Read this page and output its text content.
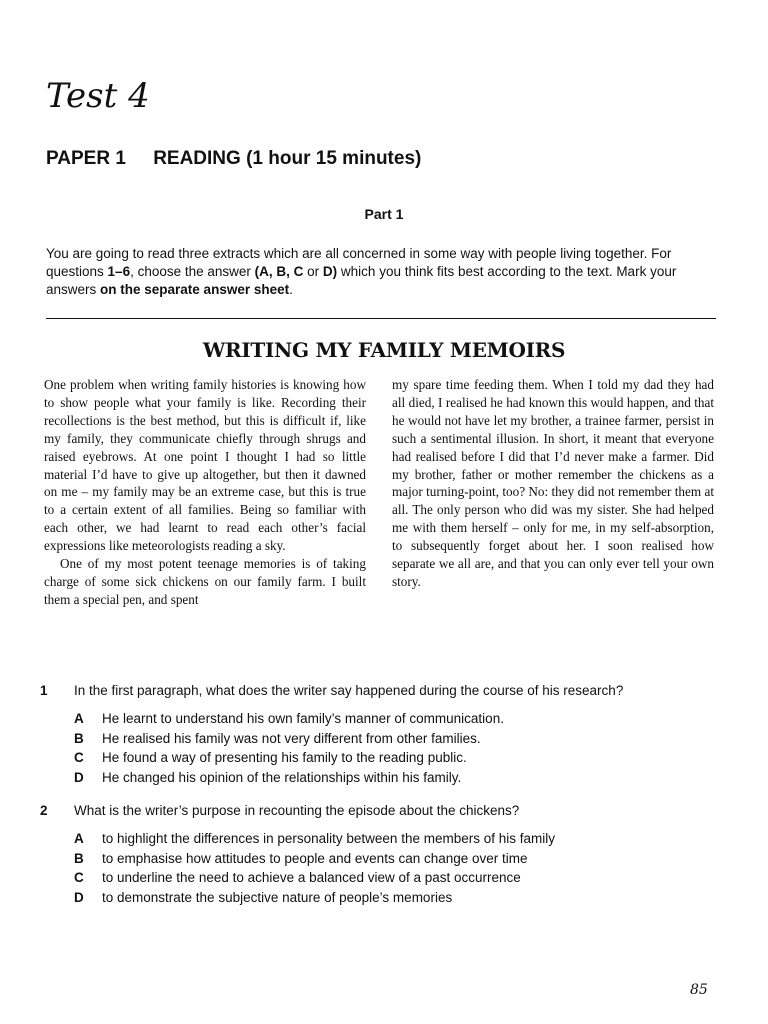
Test 4
PAPER 1 READING (1 hour 15 minutes)
Part 1

You are going to read three extracts which are all concerned in some way with people living together. For questions 1–6, choose the answer (A, B, C or D) which you think fits best according to the text. Mark your answers on the separate answer sheet.

WRITING MY FAMILY MEMOIRS

One problem when writing family histories is knowing how to show people what your family is like. Recording their recollections is the best method, but this is difficult if, like my family, they communicate chiefly through shrugs and raised eyebrows. At one point I thought I had so little material I’d have to give up altogether, but then it dawned on me – my family may be an extreme case, but this is true to a certain extent of all families. Being so familiar with each other, we had learnt to read each other’s facial expressions like meteorologists reading a sky.

One of my most potent teenage memories is of taking charge of some sick chickens on our family farm. I built them a special pen, and spent

my spare time feeding them. When I told my dad they had all died, I realised he had known this would happen, and that he would not have let my brother, a trainee farmer, persist in such a sentimental illusion. In short, it meant that everyone had realised before I did that I’d never make a farmer. Did my brother, father or mother remember the chickens as a major turning-point, too? No: they did not remember them at all. The only person who did was my sister. She had helped me with them herself – only for me, in my self-absorption, to subsequently forget about her. I soon realised how separate we all are, and that you can only ever tell your own story.

1	In the first paragraph, what does the writer say happened during the course of his research?
A	He learnt to understand his own family’s manner of communication.
B	He realised his family was not very different from other families.
C	He found a way of presenting his family to the reading public.
D	He changed his opinion of the relationships within his family.
2	What is the writer’s purpose in recounting the episode about the chickens?
A	to highlight the differences in personality between the members of his family
B	to emphasise how attitudes to people and events can change over time
C	to underline the need to achieve a balanced view of a past occurrence
D	to demonstrate the subjective nature of people’s memories

85
